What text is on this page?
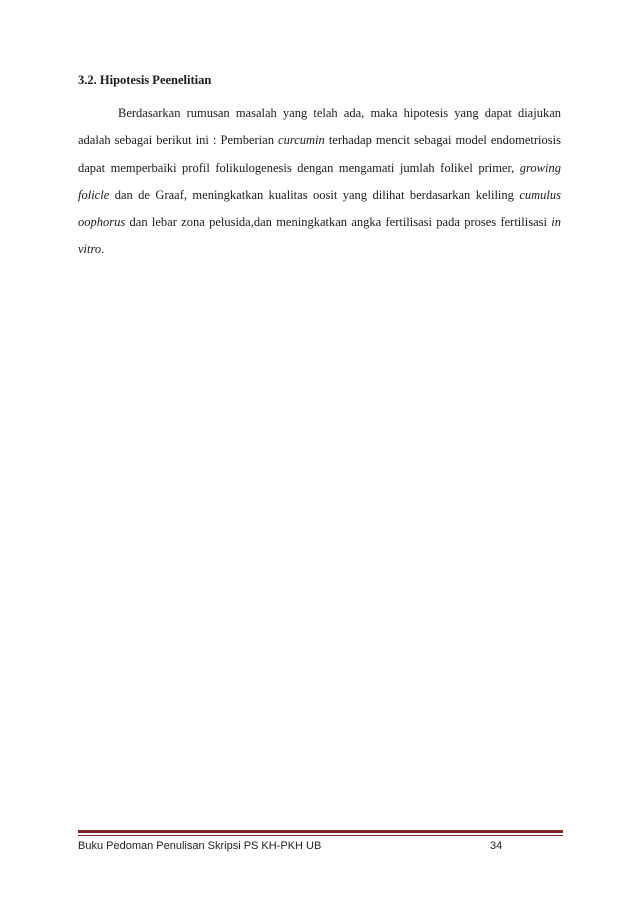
3.2. Hipotesis Peenelitian

Berdasarkan rumusan masalah yang telah ada, maka hipotesis yang dapat diajukan adalah sebagai berikut ini : Pemberian curcumin terhadap mencit sebagai model endometriosis dapat memperbaiki profil folikulogenesis dengan mengamati jumlah folikel primer, growing folicle dan de Graaf, meningkatkan kualitas oosit yang dilihat berdasarkan keliling cumulus oophorus dan lebar zona pelusida,dan meningkatkan angka fertilisasi pada proses fertilisasi in vitro.

Buku Pedoman Penulisan Skripsi PS KH-PKH UB	34
